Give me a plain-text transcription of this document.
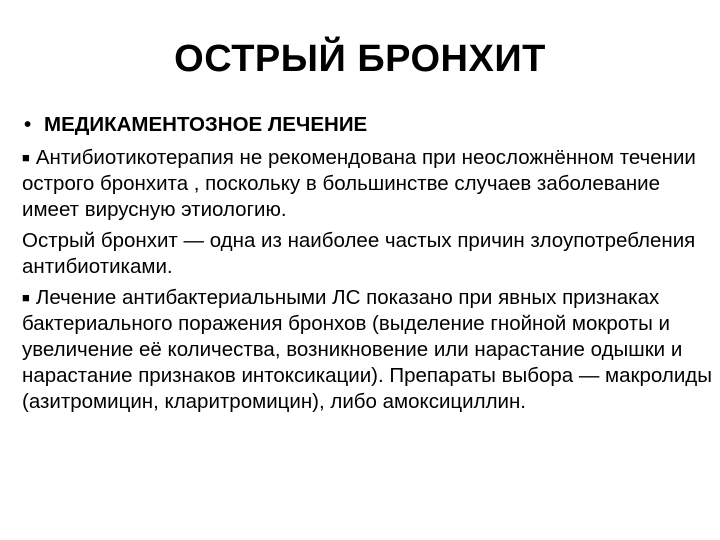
ОСТРЫЙ БРОНХИТ
• МЕДИКАМЕНТОЗНОЕ ЛЕЧЕНИЕ
■ Антибиотикотерапия не рекомендована при неосложнённом течении острого бронхита , поскольку в большинстве случаев заболевание имеет вирусную этиологию.
Острый бронхит — одна из наиболее частых причин злоупотребления антибиотиками.
■ Лечение антибактериальными ЛС показано при явных признаках бактериального поражения бронхов (выделение гнойной мокроты и увеличение её количества, возникновение или нарастание одышки и нарастание признаков интоксикации). Препараты выбора — макролиды (азитромицин, кларитромицин), либо амоксициллин.
